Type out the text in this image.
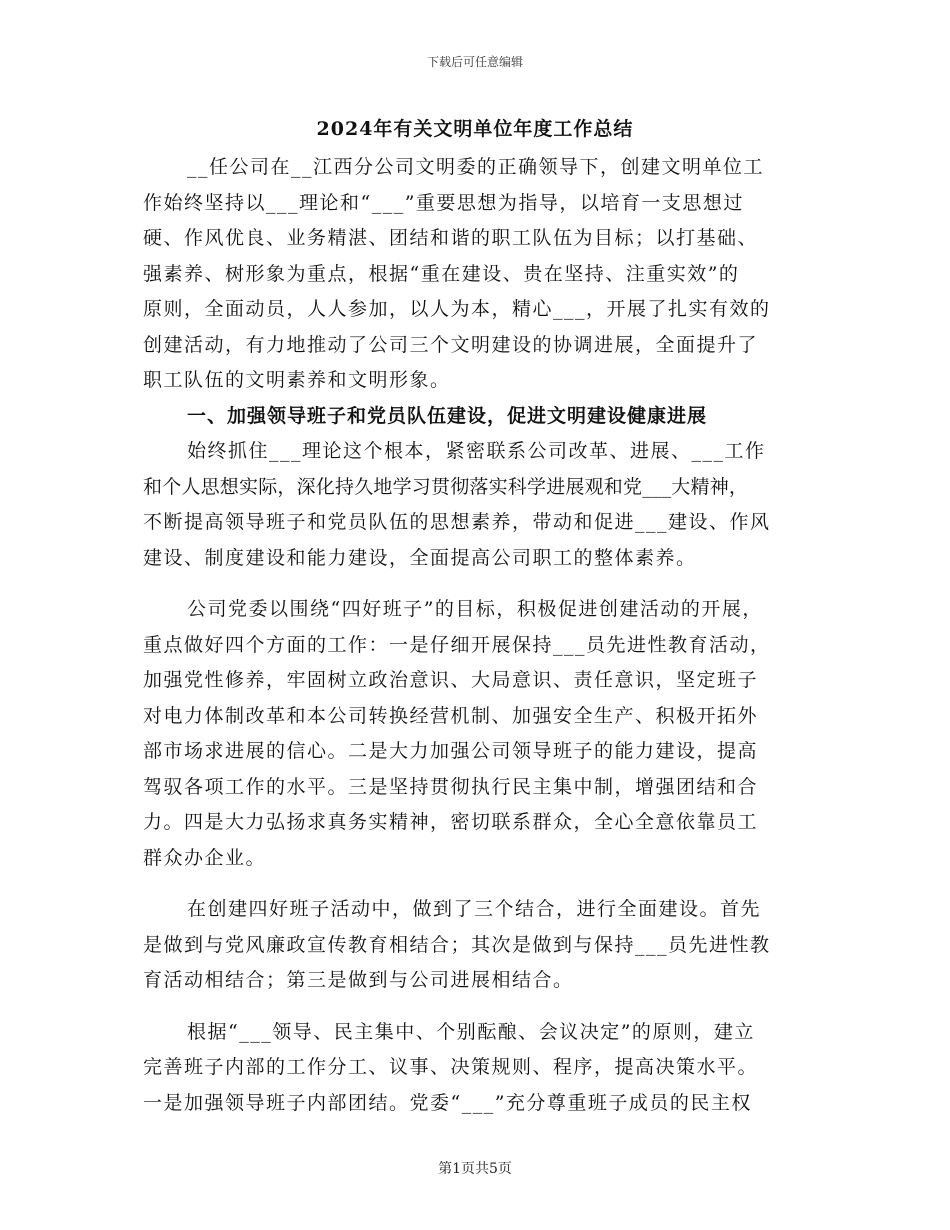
下载后可任意编辑
2024年有关文明单位年度工作总结
__任公司在__江西分公司文明委的正确领导下，创建文明单位工
作始终坚持以___理论和“___”重要思想为指导，以培育一支思想过
硬、作风优良、业务精湛、团结和谐的职工队伍为目标；以打基础、
强素养、树形象为重点，根据“重在建设、贵在坚持、注重实效”的
原则，全面动员，人人参加，以人为本，精心___，开展了扎实有效的
创建活动，有力地推动了公司三个文明建设的协调进展，全面提升了
职工队伍的文明素养和文明形象。
一、加强领导班子和党员队伍建设，促进文明建设健康进展
始终抓住___理论这个根本，紧密联系公司改革、进展、___工作
和个人思想实际，深化持久地学习贯彻落实科学进展观和党___大精神，
不断提高领导班子和党员队伍的思想素养，带动和促进___建设、作风
建设、制度建设和能力建设，全面提高公司职工的整体素养。
公司党委以围绕“四好班子”的目标，积极促进创建活动的开展，
重点做好四个方面的工作：一是仔细开展保持___员先进性教育活动，
加强党性修养，牢固树立政治意识、大局意识、责任意识，坚定班子
对电力体制改革和本公司转换经营机制、加强安全生产、积极开拓外
部市场求进展的信心。二是大力加强公司领导班子的能力建设，提高
驾驭各项工作的水平。三是坚持贯彻执行民主集中制，增强团结和合
力。四是大力弘扬求真务实精神，密切联系群众，全心全意依靠员工
群众办企业。
在创建四好班子活动中，做到了三个结合，进行全面建设。首先
是做到与党风廉政宣传教育相结合；其次是做到与保持___员先进性教
育活动相结合；第三是做到与公司进展相结合。
根据“___领导、民主集中、个别酝酿、会议决定”的原则，建立
完善班子内部的工作分工、议事、决策规则、程序，提高决策水平。
一是加强领导班子内部团结。党委“___”充分尊重班子成员的民主权
第1页共5页
